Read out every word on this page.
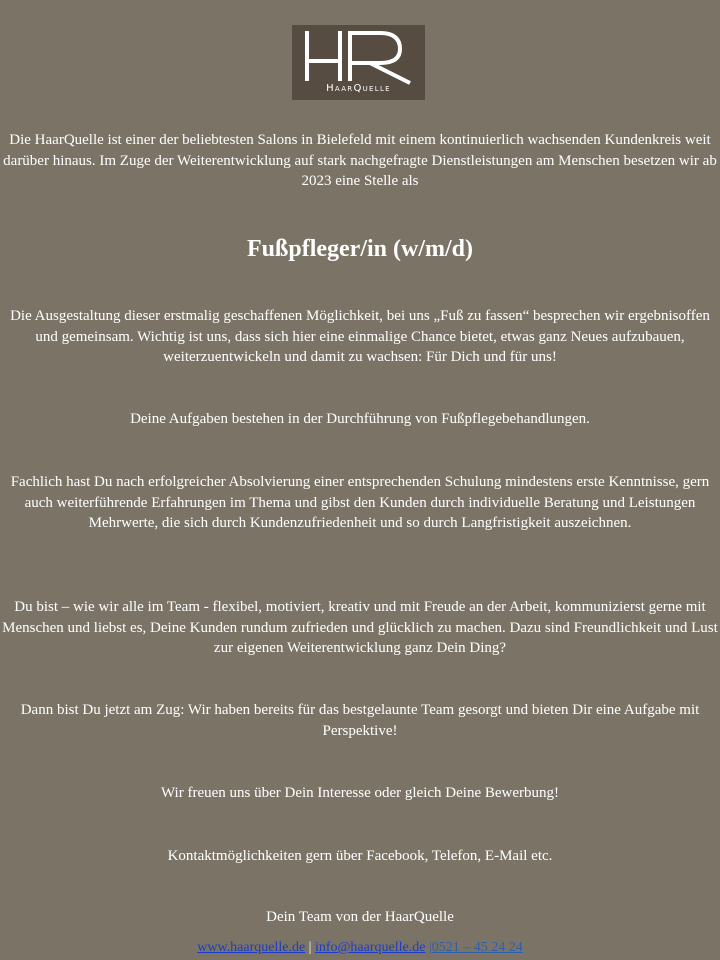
HaarQuelle

Die HaarQuelle ist einer der beliebtesten Salons in Bielefeld mit einem kontinuierlich wachsenden Kundenkreis weit darüber hinaus. Im Zuge der Weiterentwicklung auf stark nachgefragte Dienstleistungen am Menschen besetzen wir ab 2023 eine Stelle als

Fußpfleger/in (w/m/d)

Die Ausgestaltung dieser erstmalig geschaffenen Möglichkeit, bei uns „Fuß zu fassen“ besprechen wir ergebnisoffen und gemeinsam. Wichtig ist uns, dass sich hier eine einmalige Chance bietet, etwas ganz Neues aufzubauen, weiterzuentwickeln und damit zu wachsen: Für Dich und für uns!

Deine Aufgaben bestehen in der Durchführung von Fußpflegebehandlungen.

Fachlich hast Du nach erfolgreicher Absolvierung einer entsprechenden Schulung mindestens erste Kenntnisse, gern auch weiterführende Erfahrungen im Thema und gibst den Kunden durch individuelle Beratung und Leistungen Mehrwerte, die sich durch Kundenzufriedenheit und so durch Langfristigkeit auszeichnen.

Du bist – wie wir alle im Team - flexibel, motiviert, kreativ und mit Freude an der Arbeit, kommunizierst gerne mit Menschen und liebst es, Deine Kunden rundum zufrieden und glücklich zu machen. Dazu sind Freundlichkeit und Lust zur eigenen Weiterentwicklung ganz Dein Ding?

Dann bist Du jetzt am Zug: Wir haben bereits für das bestgelaunte Team gesorgt und bieten Dir eine Aufgabe mit Perspektive!

Wir freuen uns über Dein Interesse oder gleich Deine Bewerbung!

Kontaktmöglichkeiten gern über Facebook, Telefon, E-Mail etc.

Dein Team von der HaarQuelle

www.haarquelle.de | info@haarquelle.de |0521 – 45 24 24
